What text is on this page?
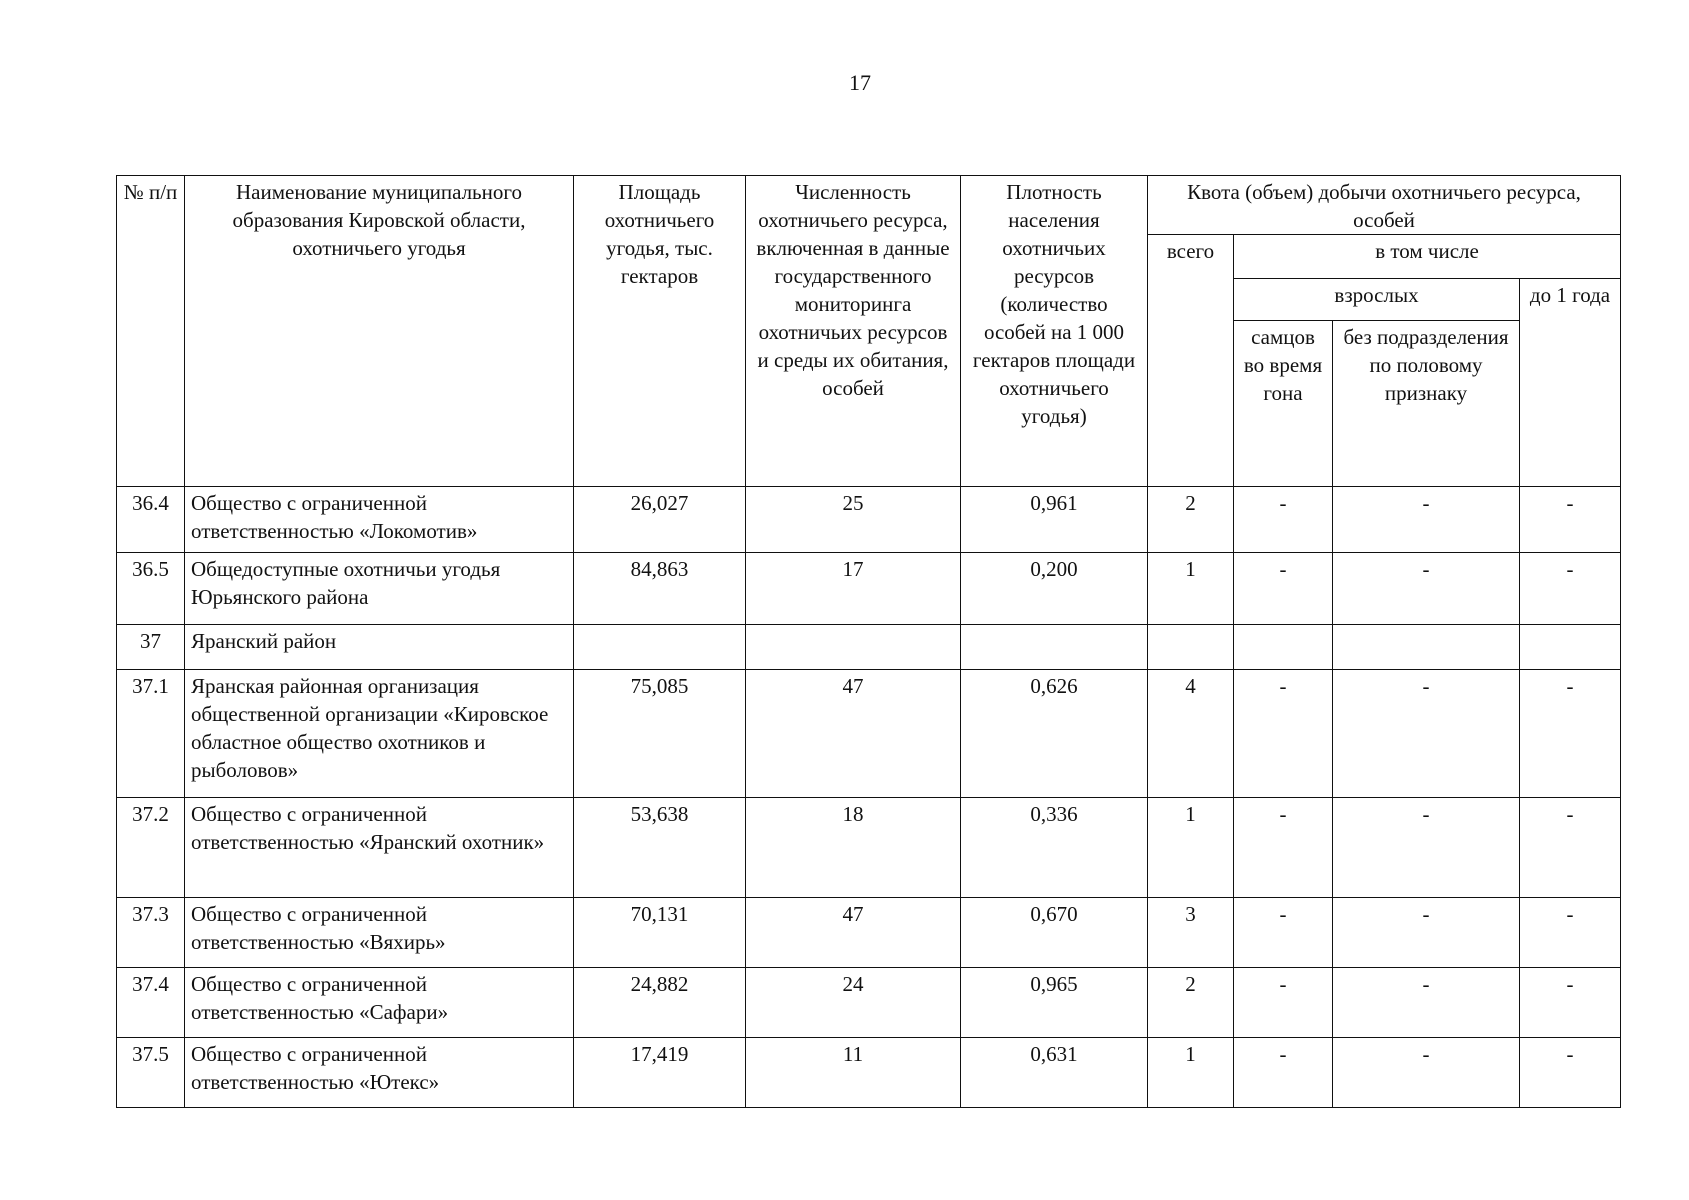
17
№ п/п	Наименование муниципального образования Кировской области, охотничьего угодья	Площадь охотничьего угодья, тыс. гектаров	Численность охотничьего ресурса, включенная в данные государственного мониторинга охотничьих ресурсов и среды их обитания, особей	Плотность населения охотничьих ресурсов (количество особей на 1 000 гектаров площади охотничьего угодья)	Квота (объем) добычи охотничьего ресурса, особей			
					всего	в том числе		
						взрослых		до 1 года
						самцов во время гона	без подразделения по половому признаку	
36.4	Общество с ограниченной ответственностью «Локомотив»	26,027	25	0,961	2	-	-	-
36.5	Общедоступные охотничьи угодья Юрьянского района	84,863	17	0,200	1	-	-	-
37	Яранский район							
37.1	Яранская районная организация общественной организации «Кировское областное общество охотников и рыболовов»	75,085	47	0,626	4	-	-	-
37.2	Общество с ограниченной ответственностью «Яранский охотник»	53,638	18	0,336	1	-	-	-
37.3	Общество с ограниченной ответственностью «Вяхирь»	70,131	47	0,670	3	-	-	-
37.4	Общество с ограниченной ответственностью «Сафари»	24,882	24	0,965	2	-	-	-
37.5	Общество с ограниченной ответственностью «Ютекс»	17,419	11	0,631	1	-	-	-
